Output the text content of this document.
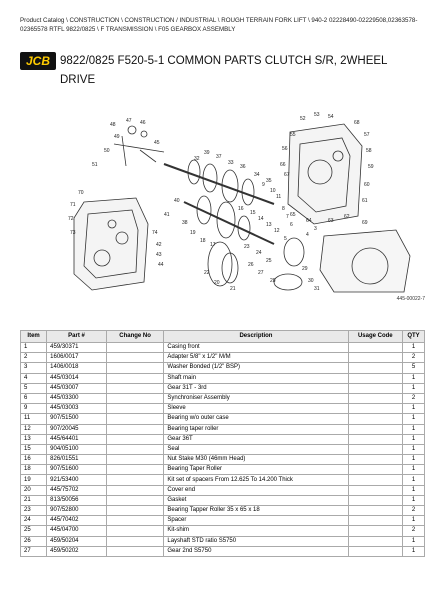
Product Catalog \ CONSTRUCTION \ CONSTRUCTION / INDUSTRIAL \ ROUGH TERRAIN FORK LIFT \ 940-2 02228490-02229508,02363578-02365578 RTFL 9822/0825 \ F TRANSMISSION \ F05 GEARBOX ASSEMBLY
JCB 9822/0825 F520-5-1 COMMON PARTS CLUTCH S/R, 2WHEEL DRIVE
48
47 46
49
45
50
51
70
71
72
73	74
42
43
44
41
40
38
32
39
37
33
36
34
35
19
18
17
16
15
14
13
12
11
10
9
8
7
6
5
4
3
52
53 54
55
56
57
58
59
60
61
62
63
64
65
66
67
68
69
22
20
21
23
24
25
26
27
28
29
30
31
445-00022-7
Item	Part #	Change No	Description	Usage Code	QTY
1	459/30371		Casing front		1
2	1606/0017		Adapter 5/8" x 1/2" M/M		2
3	1406/0018		Washer Bonded (1/2" BSP)		5
4	445/03014		Shaft main		1
5	445/03007		Gear 31T - 3rd		1
6	445/03300		Synchroniser Assembly		2
9	445/03003		Sleeve		1
11	907/51500		Bearing w/o outer case		1
12	907/20045		Bearing taper roller		1
13	445/64401		Gear 36T		1
15	904/05100		Seal		1
16	826/01551		Nut Stake M30 (46mm Head)		1
18	907/51600		Bearing Taper Roller		1
19	921/53400		Kit set of spacers From 12.625 To 14.200 Thick		1
20	445/75702		Cover end		1
21	813/50056		Gasket		1
23	907/52800		Bearing Tapper Roller 35 x 65 x 18		2
24	445/70402		Spacer		1
25	445/04700		Kit-shim		2
26	459/50204		Layshaft STD ratio S5750		1
27	459/50202		Gear 2nd S5750		1
